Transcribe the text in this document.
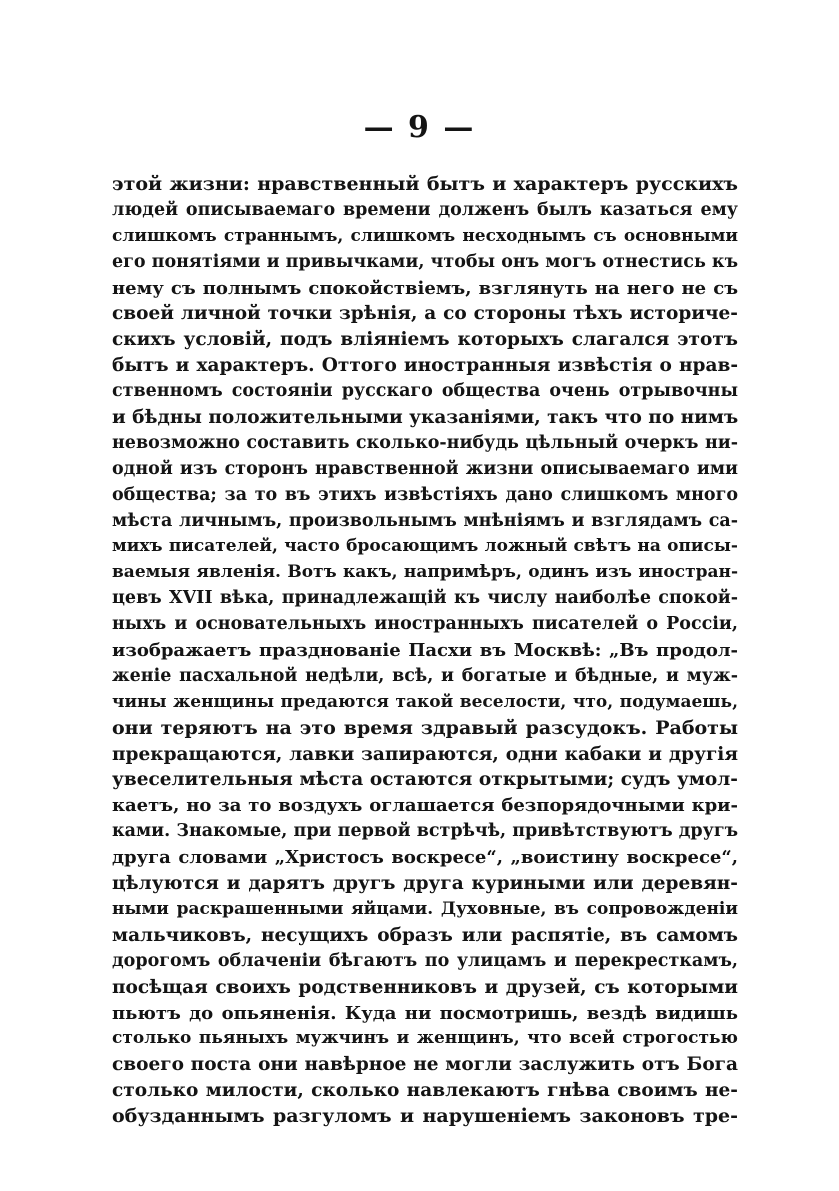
— 9 —
этой жизни: нравственный бытъ и характеръ русскихъ
людей описываемаго времени долженъ былъ казаться ему
слишкомъ страннымъ, слишкомъ несходнымъ съ основными
его понятіями и привычками, чтобы онъ могъ отнестись къ
нему съ полнымъ спокойствіемъ, взглянуть на него не съ
своей личной точки зрѣнія, а со стороны тѣхъ историче-
скихъ условій, подъ вліяніемъ которыхъ слагался этотъ
бытъ и характеръ. Оттого иностранныя извѣстія о нрав-
ственномъ состояніи русскаго общества очень отрывочны
и бѣдны положительными указаніями, такъ что по нимъ
невозможно составить сколько-нибудь цѣльный очеркъ ни-
одной изъ сторонъ нравственной жизни описываемаго ими
общества; за то въ этихъ извѣстіяхъ дано слишкомъ много
мѣста личнымъ, произвольнымъ мнѣніямъ и взглядамъ са-
михъ писателей, часто бросающимъ ложный свѣтъ на описы-
ваемыя явленія. Вотъ какъ, напримѣръ, одинъ изъ иностран-
цевъ XVII вѣка, принадлежащій къ числу наиболѣе спокой-
ныхъ и основательныхъ иностранныхъ писателей о Россіи,
изображаетъ празднованіе Пасхи въ Москвѣ: „Въ продол-
женіе пасхальной недѣли, всѣ, и богатые и бѣдные, и муж-
чины женщины предаются такой веселости, что, подумаешь,
они теряютъ на это время здравый разсудокъ. Работы
прекращаются, лавки запираются, одни кабаки и другія
увеселительныя мѣста остаются открытыми; судъ умол-
каетъ, но за то воздухъ оглашается безпорядочными кри-
ками. Знакомые, при первой встрѣчѣ, привѣтствуютъ другъ
друга словами „Христосъ воскресе“, „воистину воскресе“,
цѣлуются и дарятъ другъ друга куриными или деревян-
ными раскрашенными яйцами. Духовные, въ сопровожденіи
мальчиковъ, несущихъ образъ или распятіе, въ самомъ
дорогомъ облаченіи бѣгаютъ по улицамъ и перекресткамъ,
посѣщая своихъ родственниковъ и друзей, съ которыми
пьютъ до опьяненія. Куда ни посмотришь, вездѣ видишь
столько пьяныхъ мужчинъ и женщинъ, что всей строгостью
своего поста они навѣрное не могли заслужить отъ Бога
столько милости, сколько навлекаютъ гнѣва своимъ не-
обузданнымъ разгуломъ и нарушеніемъ законовъ тре-
